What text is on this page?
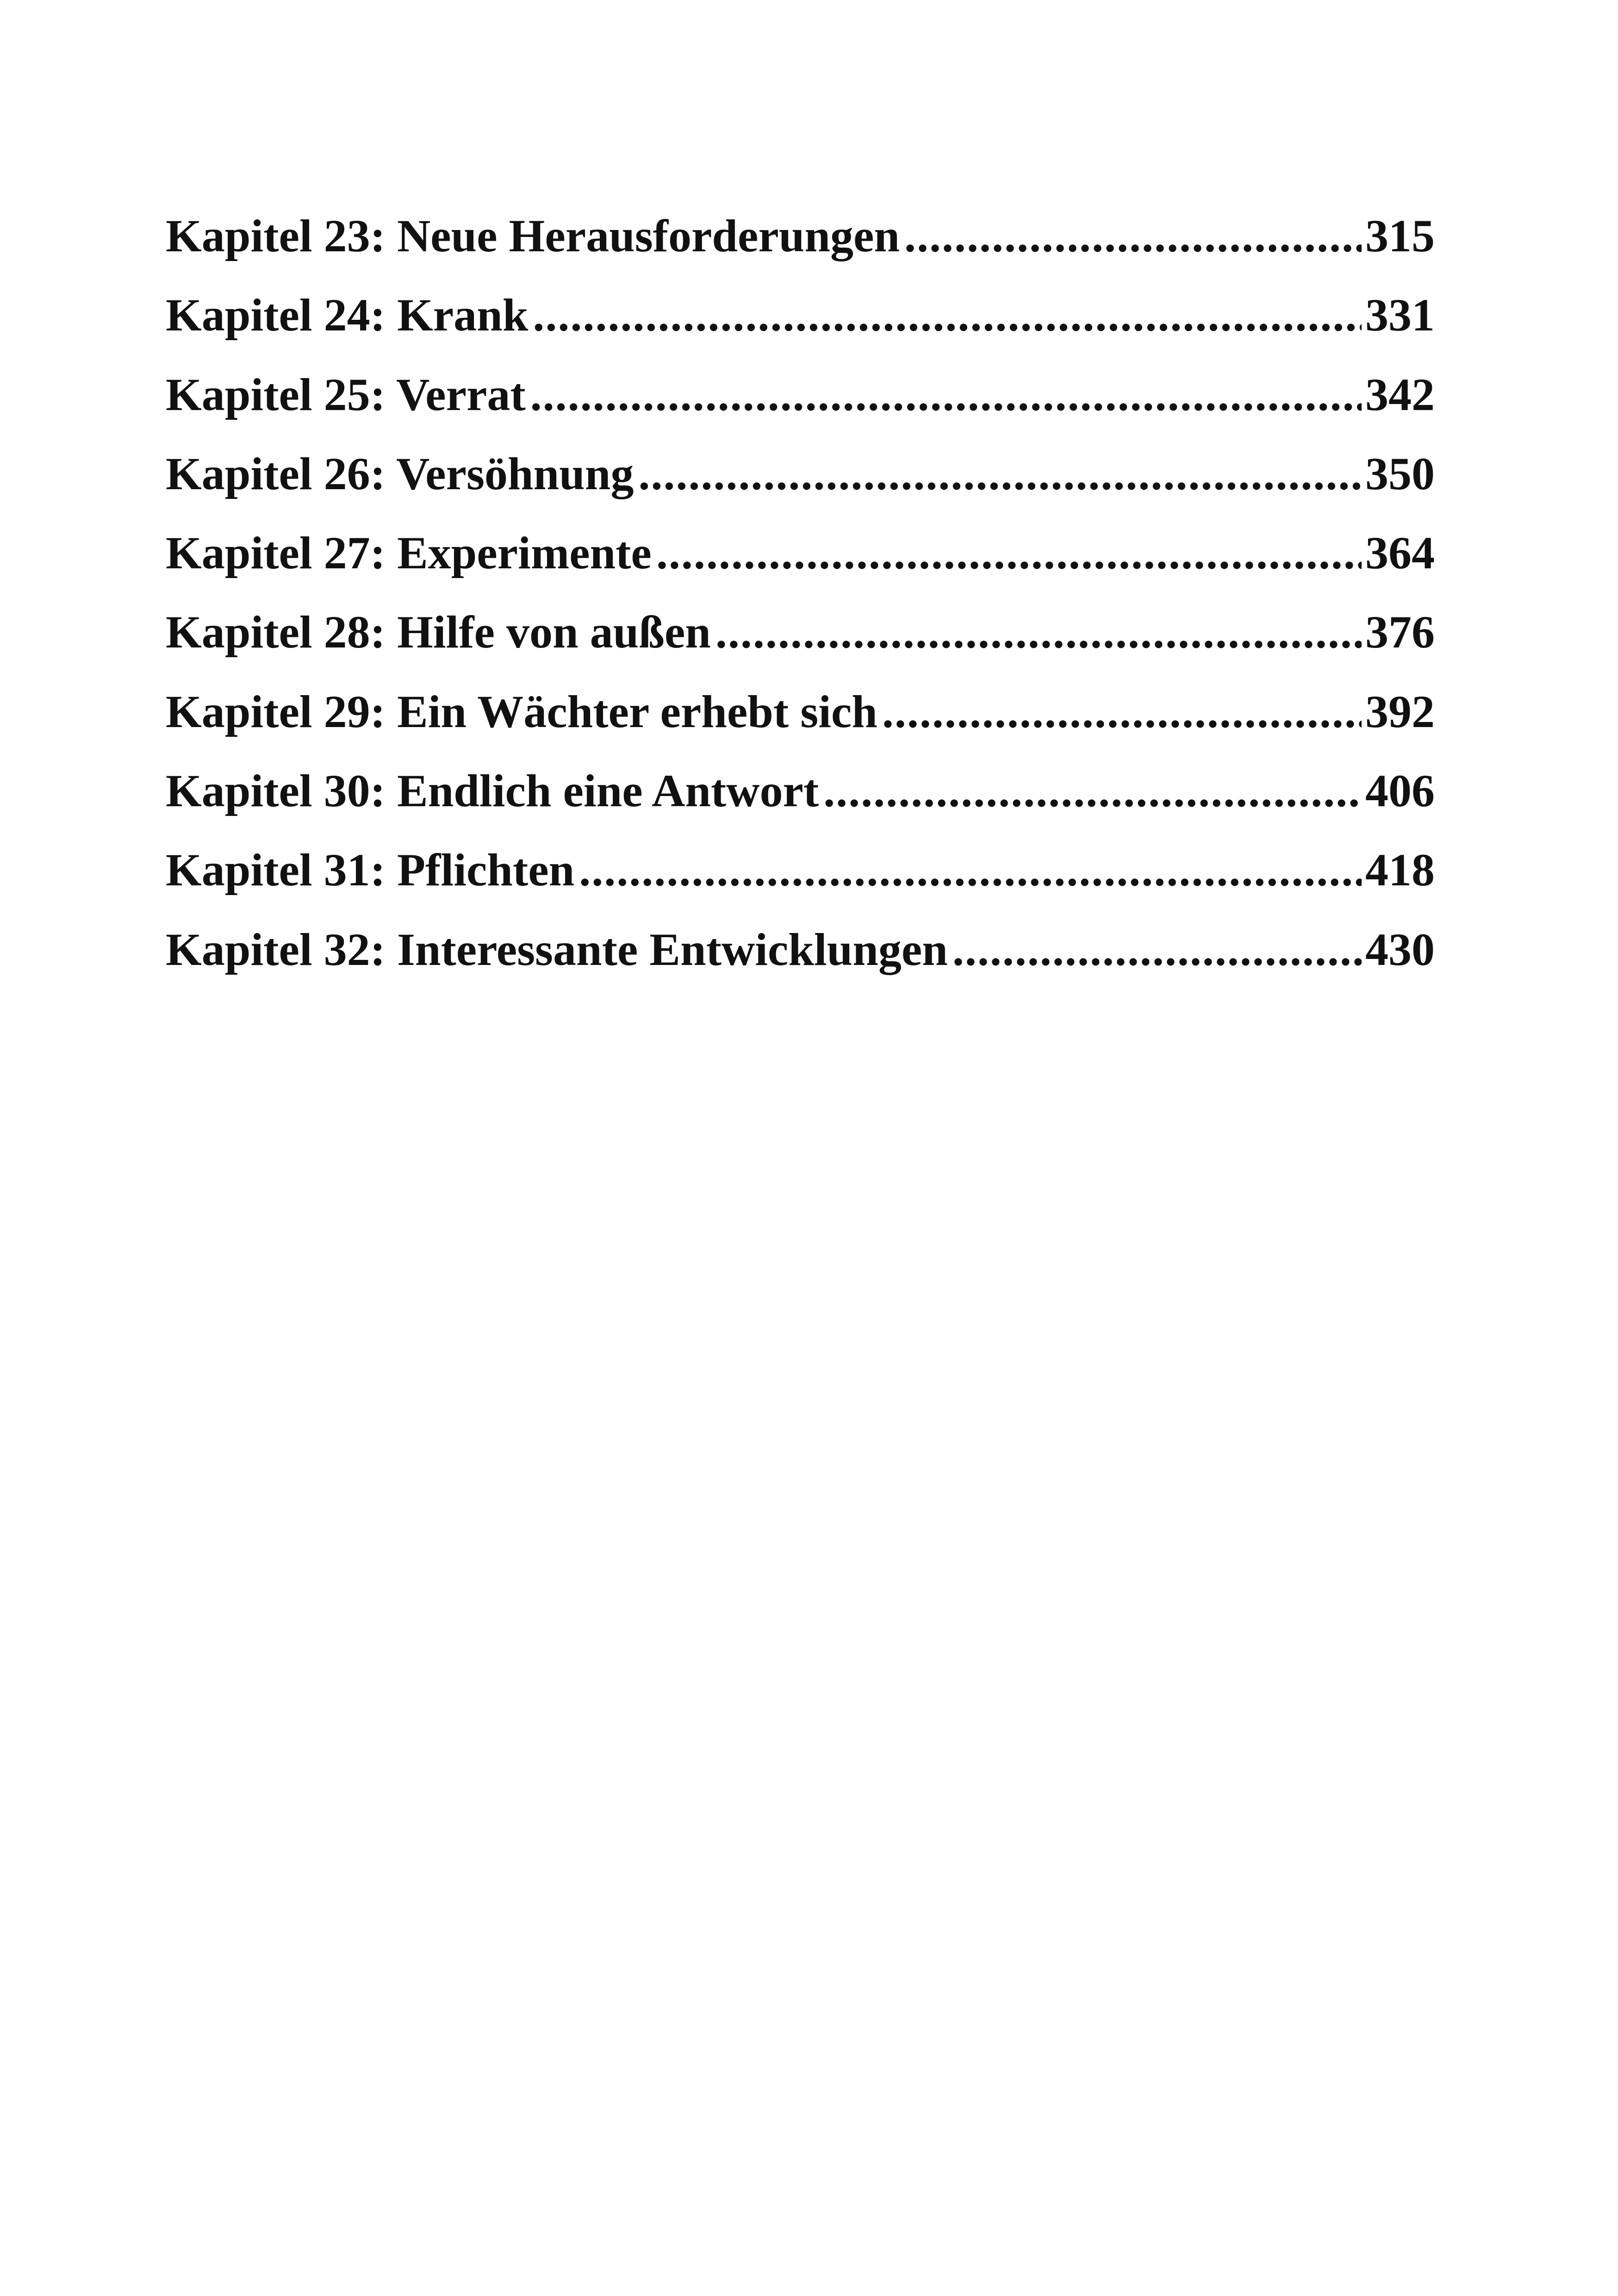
Kapitel 23: Neue Herausforderungen .....	315
Kapitel 24: Krank .....	331
Kapitel 25: Verrat .....	342
Kapitel 26: Versöhnung .....	350
Kapitel 27: Experimente .....	364
Kapitel 28: Hilfe von außen .....	376
Kapitel 29: Ein Wächter erhebt sich .....	392
Kapitel 30: Endlich eine Antwort .....	406
Kapitel 31: Pflichten .....	418
Kapitel 32: Interessante Entwicklungen .....	430
